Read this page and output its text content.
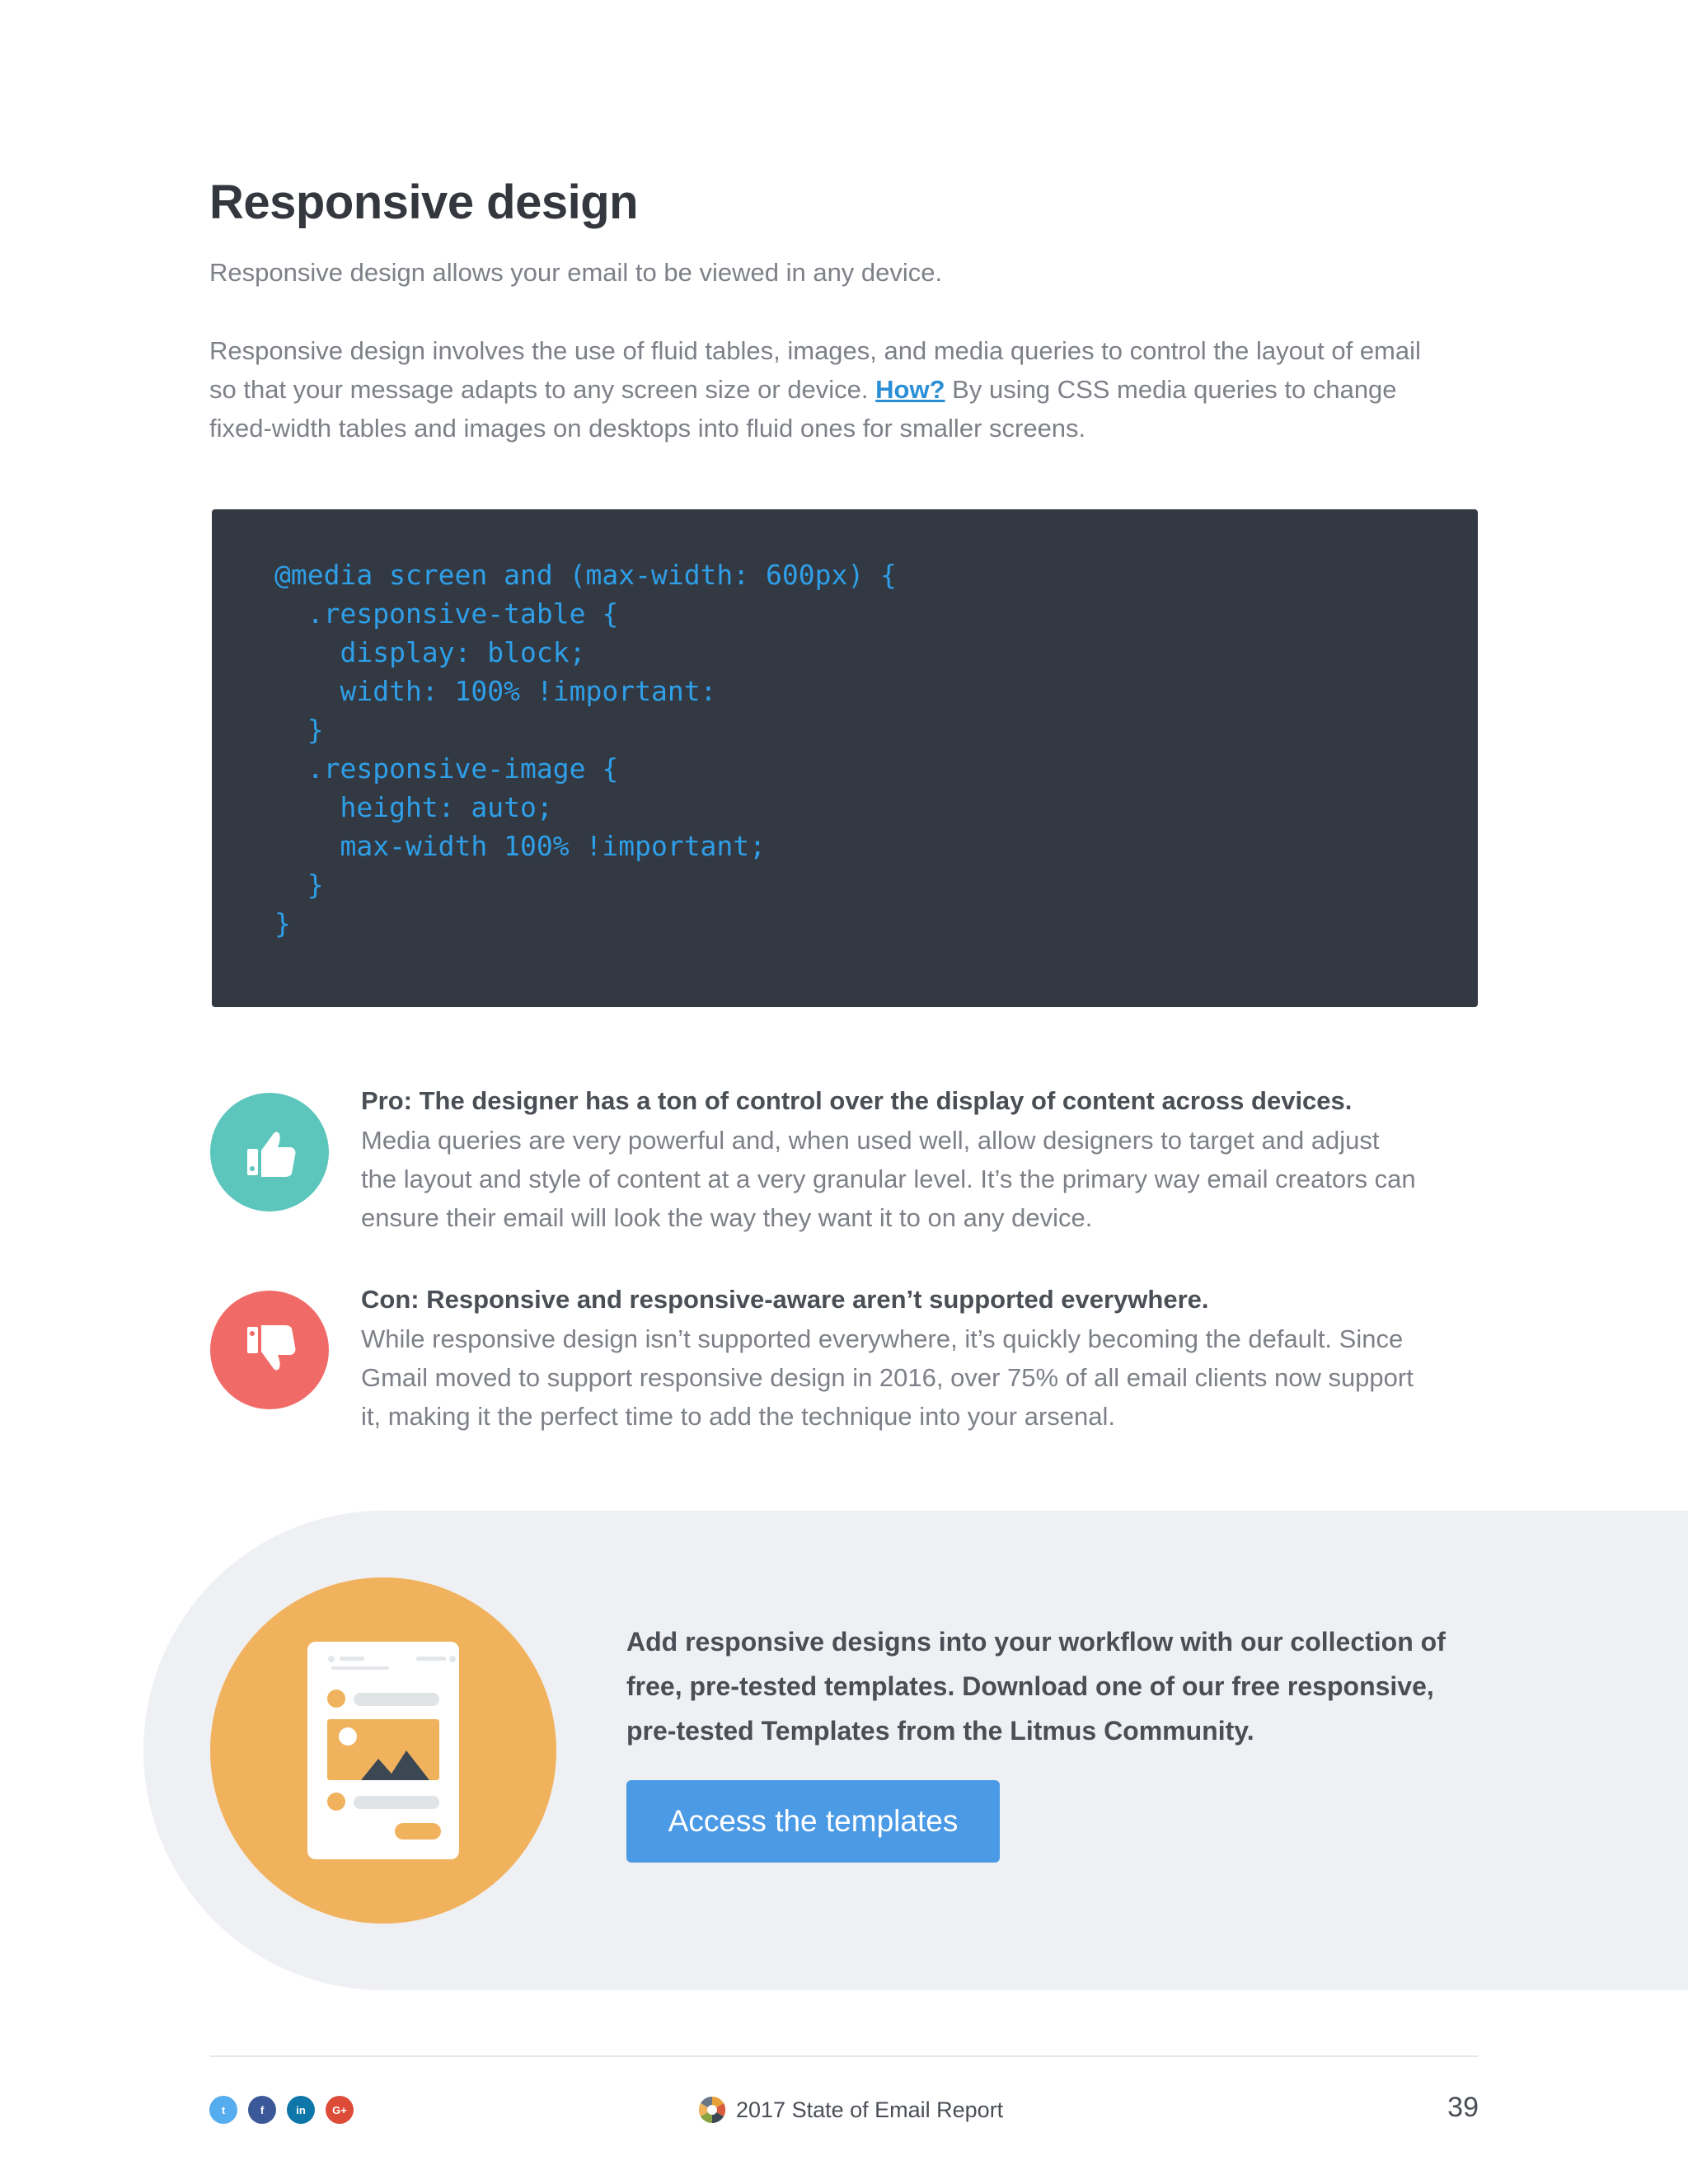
Responsive design

Responsive design allows your email to be viewed in any device.

Responsive design involves the use of fluid tables, images, and media queries to control the layout of email

so that your message adapts to any screen size or device. How? By using CSS media queries to change

fixed-width tables and images on desktops into fluid ones for smaller screens.

@media screen and (max-width: 600px) {
.responsive-table {
display: block;
width: 100% !important:
}
.responsive-image {
height: auto;
max-width 100% !important;
}
}

Pro: The designer has a ton of control over the display of content across devices.

Media queries are very powerful and, when used well, allow designers to target and adjust

the layout and style of content at a very granular level. It’s the primary way email creators can

ensure their email will look the way they want it to on any device.

Con: Responsive and responsive-aware aren’t supported everywhere.

While responsive design isn’t supported everywhere, it’s quickly becoming the default. Since

Gmail moved to support responsive design in 2016, over 75% of all email clients now support

it, making it the perfect time to add the technique into your arsenal.

Add responsive designs into your workflow with our collection of
free, pre-tested templates. Download one of our free responsive,
pre-tested Templates from the Litmus Community.
Access the templates
t	f	in	G+	2017 State of Email Report	39
